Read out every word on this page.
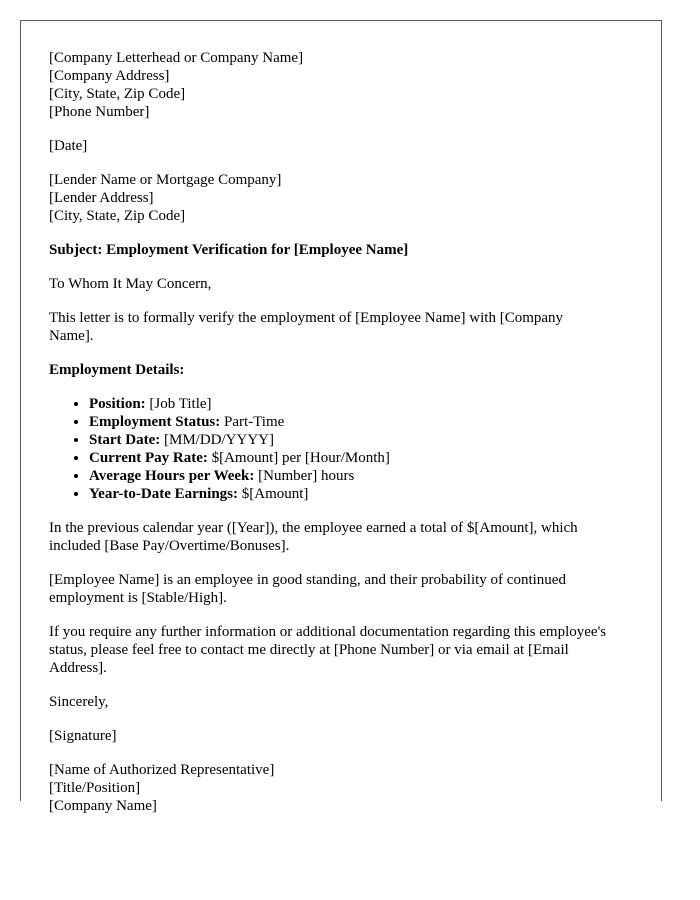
[Company Letterhead or Company Name]
[Company Address]
[City, State, Zip Code]
[Phone Number]
[Date]
[Lender Name or Mortgage Company]
[Lender Address]
[City, State, Zip Code]
Subject: Employment Verification for [Employee Name]

To Whom It May Concern,

This letter is to formally verify the employment of [Employee Name] with [Company Name].

Employment Details:
• Position: [Job Title]
• Employment Status: Part-Time
• Start Date: [MM/DD/YYYY]
• Current Pay Rate: $[Amount] per [Hour/Month]
• Average Hours per Week: [Number] hours
• Year-to-Date Earnings: $[Amount]

In the previous calendar year ([Year]), the employee earned a total of $[Amount], which included [Base Pay/Overtime/Bonuses].

[Employee Name] is an employee in good standing, and their probability of continued employment is [Stable/High].

If you require any further information or additional documentation regarding this employee's status, please feel free to contact me directly at [Phone Number] or via email at [Email Address].

Sincerely,

[Signature]

[Name of Authorized Representative]
[Title/Position]
[Company Name]
